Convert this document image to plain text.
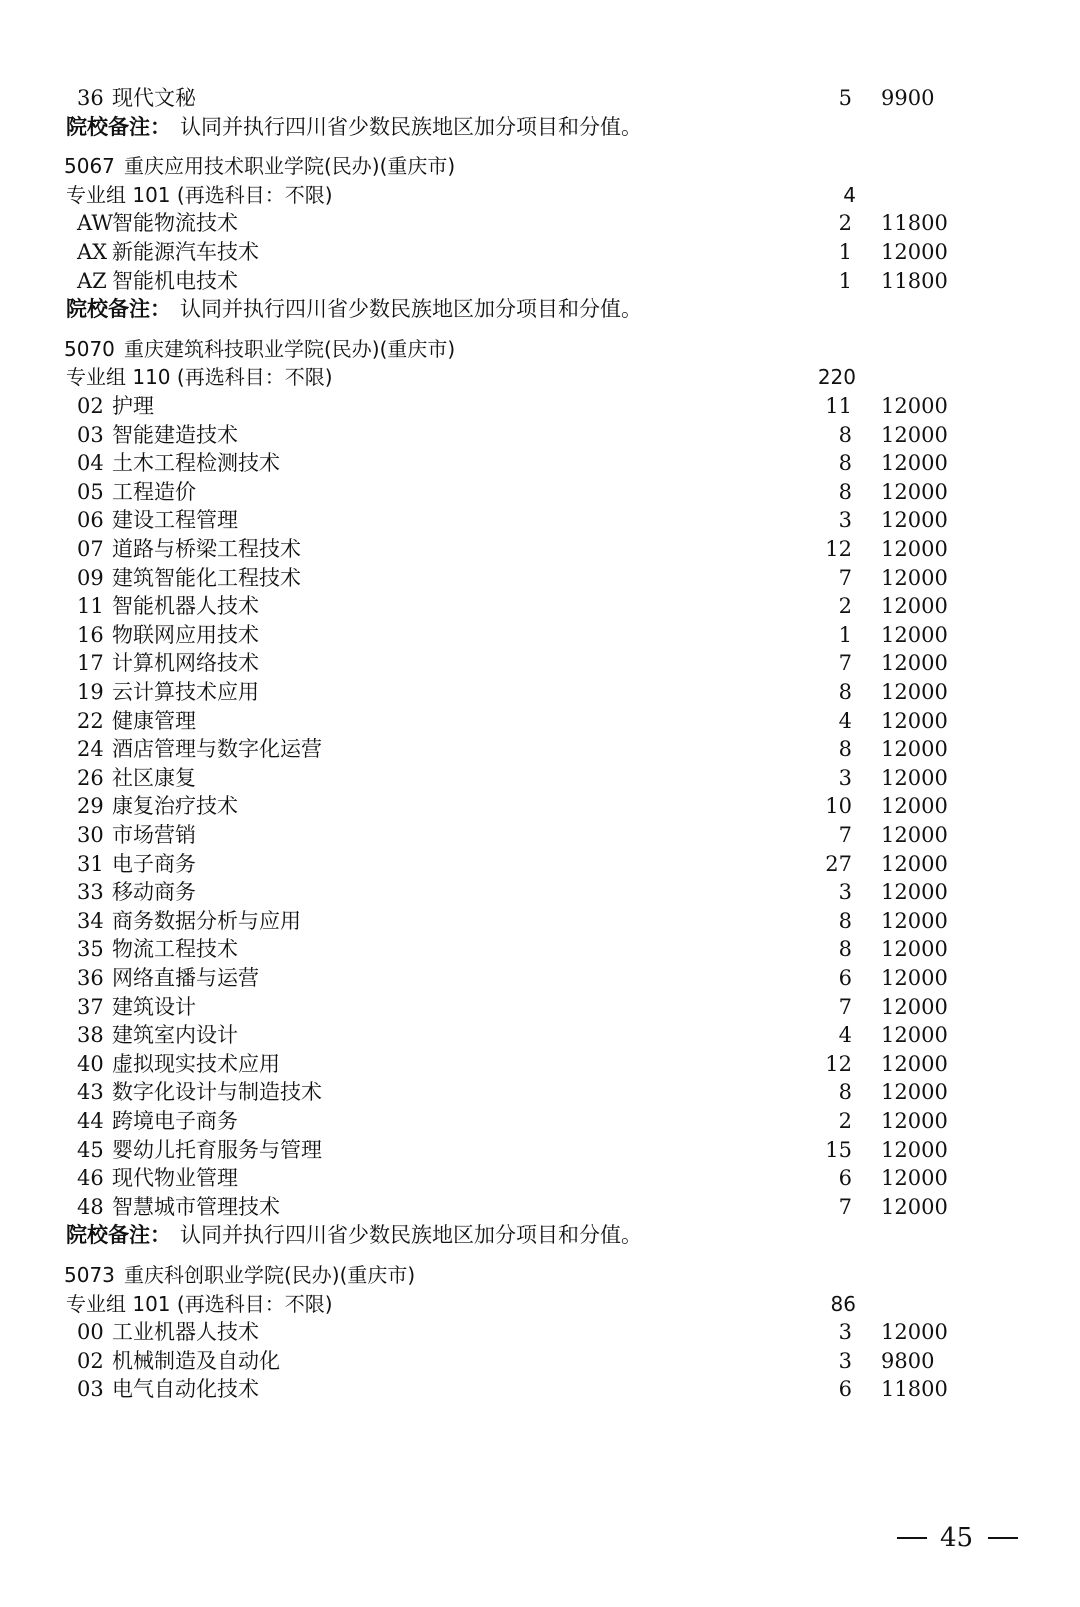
36 现代文秘	5 9900
院校备注： 认同并执行四川省少数民族地区加分项目和分值。
5067 重庆应用技术职业学院(民办)(重庆市)
专业组 101 (再选科目：不限)	4
AW 智能物流技术	2 11800
AX 新能源汽车技术	1 12000
AZ 智能机电技术	1 11800
院校备注： 认同并执行四川省少数民族地区加分项目和分值。
5070 重庆建筑科技职业学院(民办)(重庆市)
专业组 110 (再选科目：不限)	220
02 护理	11 12000
03 智能建造技术	8 12000
04 土木工程检测技术	8 12000
05 工程造价	8 12000
06 建设工程管理	3 12000
07 道路与桥梁工程技术	12 12000
09 建筑智能化工程技术	7 12000
11 智能机器人技术	2 12000
16 物联网应用技术	1 12000
17 计算机网络技术	7 12000
19 云计算技术应用	8 12000
22 健康管理	4 12000
24 酒店管理与数字化运营	8 12000
26 社区康复	3 12000
29 康复治疗技术	10 12000
30 市场营销	7 12000
31 电子商务	27 12000
33 移动商务	3 12000
34 商务数据分析与应用	8 12000
35 物流工程技术	8 12000
36 网络直播与运营	6 12000
37 建筑设计	7 12000
38 建筑室内设计	4 12000
40 虚拟现实技术应用	12 12000
43 数字化设计与制造技术	8 12000
44 跨境电子商务	2 12000
45 婴幼儿托育服务与管理	15 12000
46 现代物业管理	6 12000
48 智慧城市管理技术	7 12000
院校备注： 认同并执行四川省少数民族地区加分项目和分值。
5073 重庆科创职业学院(民办)(重庆市)
专业组 101 (再选科目：不限)	86
00 工业机器人技术	3 12000
02 机械制造及自动化	3 9800
03 电气自动化技术	6 11800
45
